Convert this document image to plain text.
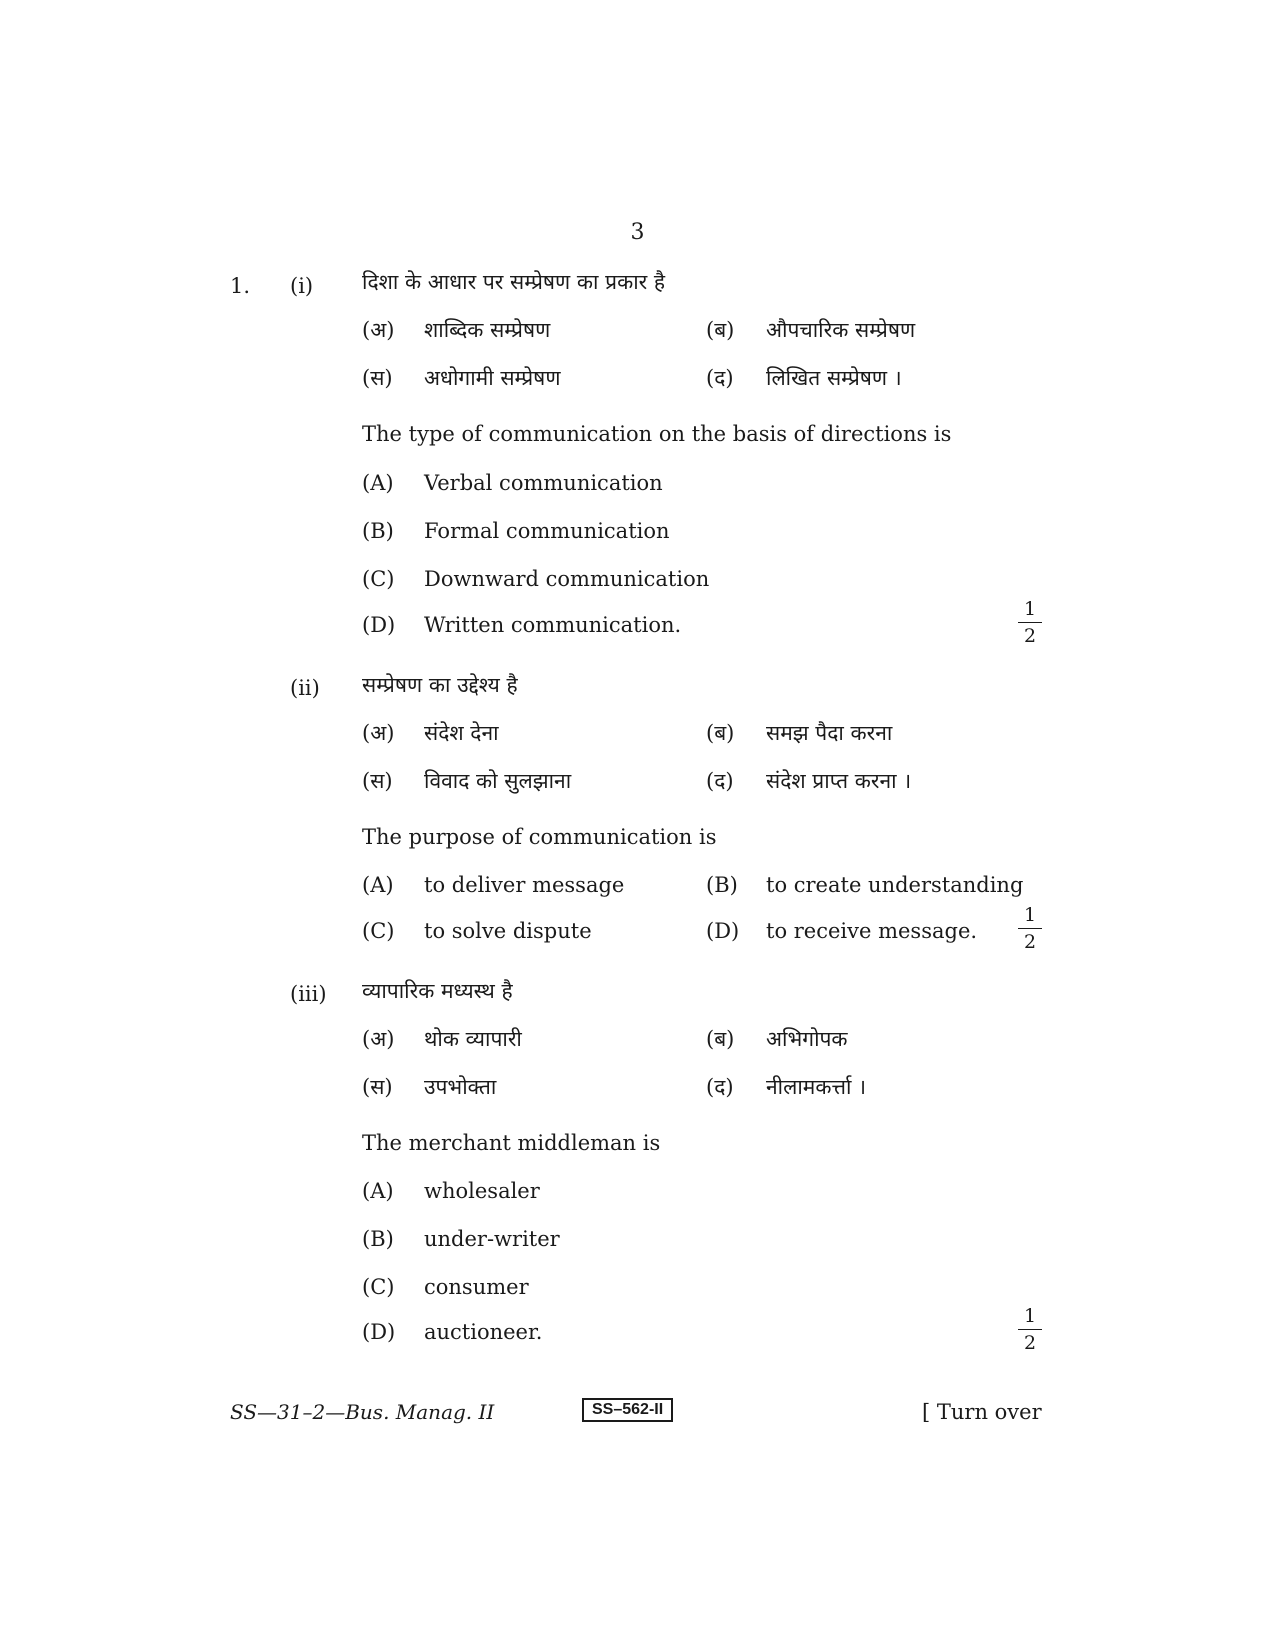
3
1. (i) दिशा के आधार पर सम्प्रेषण का प्रकार है
(अ) शाब्दिक सम्प्रेषण	(ब) औपचारिक सम्प्रेषण
(स) अधोगामी सम्प्रेषण	(द) लिखित सम्प्रेषण ।
The type of communication on the basis of directions is
(A) Verbal communication
(B) Formal communication
(C) Downward communication
(D) Written communication.
1
2
(ii) सम्प्रेषण का उद्देश्य है
(अ) संदेश देना	(ब) समझ पैदा करना
(स) विवाद को सुलझाना	(द) संदेश प्राप्त करना ।
The purpose of communication is
(A) to deliver message	(B) to create understanding
(C) to solve dispute	(D) to receive message.
1
2
(iii) व्यापारिक मध्यस्थ है
(अ) थोक व्यापारी	(ब) अभिगोपक
(स) उपभोक्ता	(द) नीलामकर्त्ता ।
The merchant middleman is
(A) wholesaler
(B) under-writer
(C) consumer
(D) auctioneer.
1
2
SS—31–2—Bus. Manag. II	SS–562-II	[ Turn over
